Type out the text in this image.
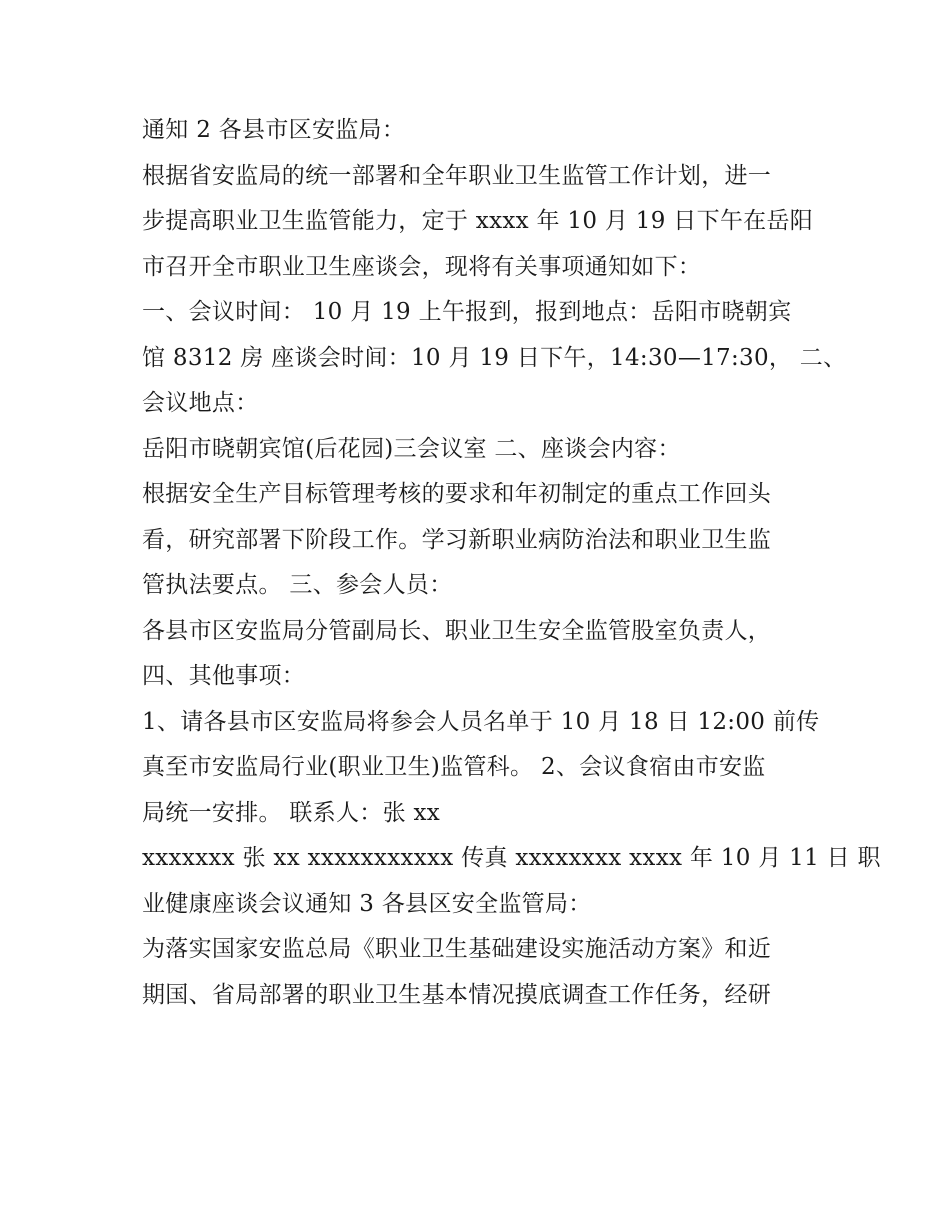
通知 2 各县市区安监局：
根据省安监局的统一部署和全年职业卫生监管工作计划，进一
步提高职业卫生监管能力，定于 xxxx 年 10 月 19 日下午在岳阳
市召开全市职业卫生座谈会，现将有关事项通知如下：
一、会议时间： 10 月 19 上午报到，报到地点：岳阳市晓朝宾
馆 8312 房 座谈会时间：10 月 19 日下午，14:30—17:30， 二、
会议地点：
岳阳市晓朝宾馆(后花园)三会议室 二、座谈会内容：
根据安全生产目标管理考核的要求和年初制定的重点工作回头
看，研究部署下阶段工作。学习新职业病防治法和职业卫生监
管执法要点。 三、参会人员：
各县市区安监局分管副局长、职业卫生安全监管股室负责人，
四、其他事项：
1、请各县市区安监局将参会人员名单于 10 月 18 日 12:00 前传
真至市安监局行业(职业卫生)监管科。 2、会议食宿由市安监
局统一安排。 联系人：张 xx
xxxxxxx 张 xx xxxxxxxxxxx 传真 xxxxxxxx xxxx 年 10 月 11 日 职
业健康座谈会议通知 3 各县区安全监管局：
为落实国家安监总局《职业卫生基础建设实施活动方案》和近
期国、省局部署的职业卫生基本情况摸底调查工作任务，经研
